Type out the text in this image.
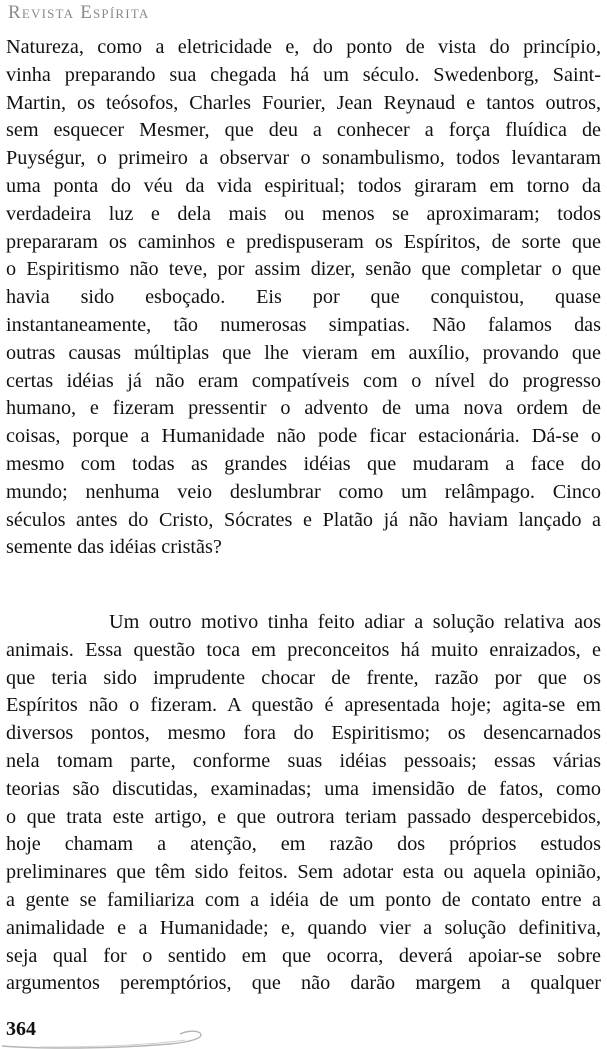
Revista Espírita
Natureza, como a eletricidade e, do ponto de vista do princípio,
vinha preparando sua chegada há um século. Swedenborg, Saint-
Martin, os teósofos, Charles Fourier, Jean Reynaud e tantos outros,
sem esquecer Mesmer, que deu a conhecer a força fluídica de
Puységur, o primeiro a observar o sonambulismo, todos levantaram
uma ponta do véu da vida espiritual; todos giraram em torno da
verdadeira luz e dela mais ou menos se aproximaram; todos
prepararam os caminhos e predispuseram os Espíritos, de sorte que
o Espiritismo não teve, por assim dizer, senão que completar o que
havia sido esboçado. Eis por que conquistou, quase
instantaneamente, tão numerosas simpatias. Não falamos das
outras causas múltiplas que lhe vieram em auxílio, provando que
certas idéias já não eram compatíveis com o nível do progresso
humano, e fizeram pressentir o advento de uma nova ordem de
coisas, porque a Humanidade não pode ficar estacionária. Dá-se o
mesmo com todas as grandes idéias que mudaram a face do
mundo; nenhuma veio deslumbrar como um relâmpago. Cinco
séculos antes do Cristo, Sócrates e Platão já não haviam lançado a
semente das idéias cristãs?
Um outro motivo tinha feito adiar a solução relativa aos
animais. Essa questão toca em preconceitos há muito enraizados, e
que teria sido imprudente chocar de frente, razão por que os
Espíritos não o fizeram. A questão é apresentada hoje; agita-se em
diversos pontos, mesmo fora do Espiritismo; os desencarnados
nela tomam parte, conforme suas idéias pessoais; essas várias
teorias são discutidas, examinadas; uma imensidão de fatos, como
o que trata este artigo, e que outrora teriam passado despercebidos,
hoje chamam a atenção, em razão dos próprios estudos
preliminares que têm sido feitos. Sem adotar esta ou aquela opinião,
a gente se familiariza com a idéia de um ponto de contato entre a
animalidade e a Humanidade; e, quando vier a solução definitiva,
seja qual for o sentido em que ocorra, deverá apoiar-se sobre
argumentos peremptórios, que não darão margem a qualquer
364
